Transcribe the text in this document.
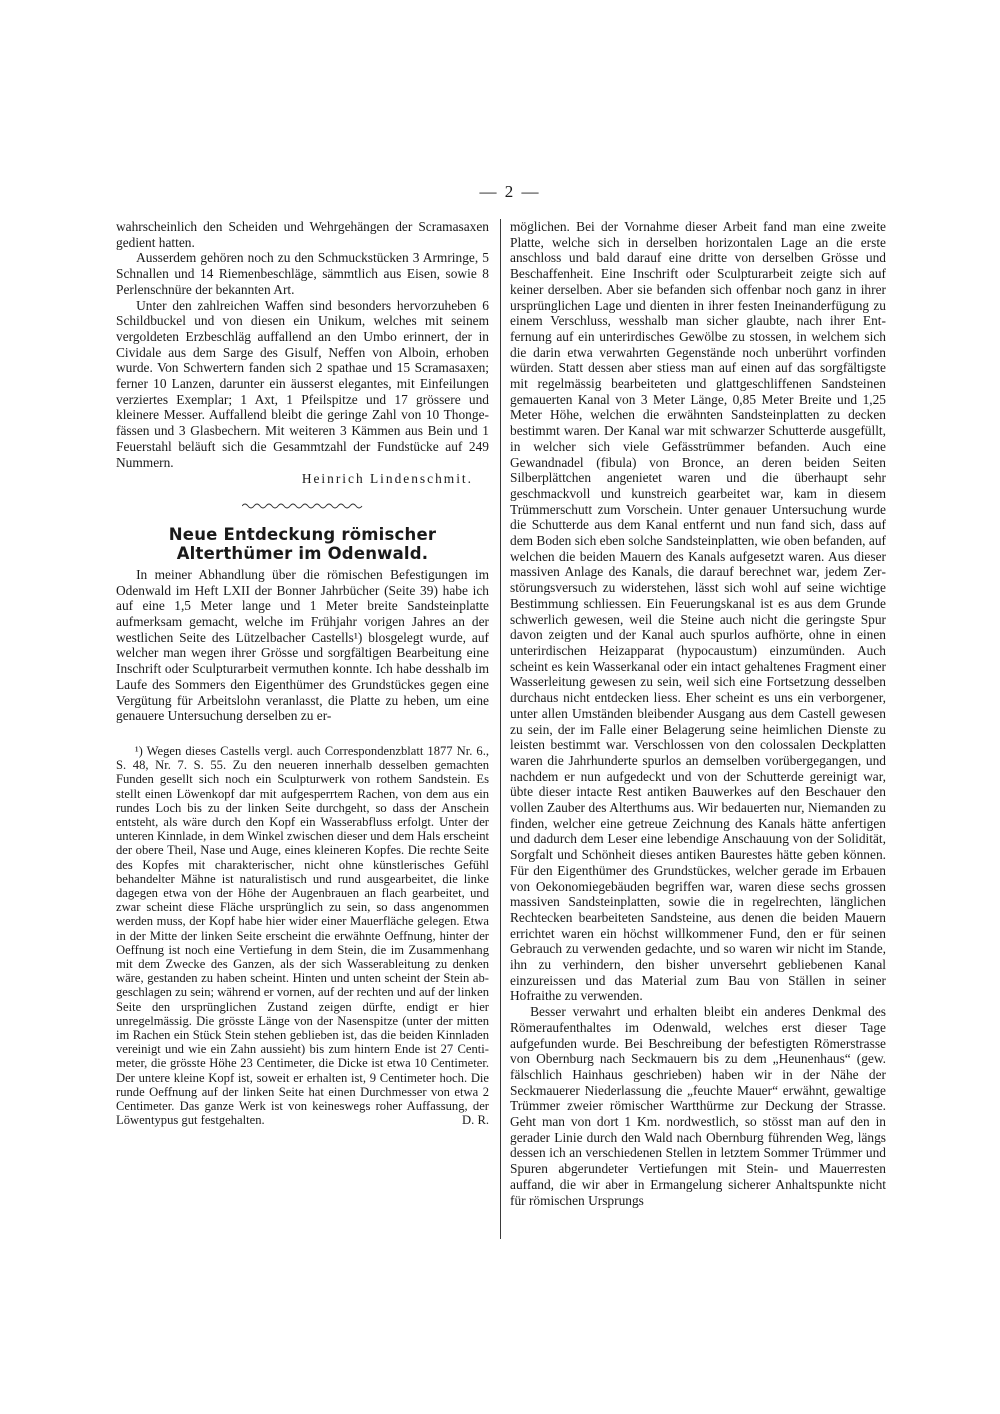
— 2 —

wahrscheinlich den Scheiden und Wehrgehängen der Scramasaxen gedient hatten.

Ausserdem gehören noch zu den Schmuckstücken 3 Armringe, 5 Schnallen und 14 Riemenbeschläge, sämmtlich aus Eisen, sowie 8 Perlenschnüre der bekannten Art.

Unter den zahlreichen Waffen sind besonders hervorzuheben 6 Schildbuckel und von diesen ein Unikum, welches mit seinem vergoldeten Erzbeschläg auffallend an den Umbo erinnert, der in Cividale aus dem Sarge des Gisulf, Neffen von Alboin, erhoben wurde. Von Schwertern fanden sich 2 spathae und 15 Scramasaxen; ferner 10 Lanzen, darunter ein äusserst elegantes, mit Einfeilungen verziertes Exemplar; 1 Axt, 1 Pfeilspitze und 17 grössere und kleinere Messer. Auffallend bleibt die geringe Zahl von 10 Thongefässen und 3 Glasbechern. Mit weiteren 3 Kämmen aus Bein und 1 Feuerstahl beläuft sich die Gesammtzahl der Fundstücke auf 249 Nummern.

Heinrich Lindenschmit.
Neue Entdeckung römischer Alterthümer im Odenwald.

In meiner Abhandlung über die römischen Befestigungen im Odenwald im Heft LXII der Bonner Jahrbücher (Seite 39) habe ich auf eine 1,5 Meter lange und 1 Meter breite Sandsteinplatte aufmerksam gemacht, welche im Frühjahr vorigen Jahres an der westlichen Seite des Lützelbacher Castells¹) blosgelegt wurde, auf welcher man wegen ihrer Grösse und sorgfältigen Bearbeitung eine Inschrift oder Sculpturarbeit vermuthen konnte. Ich habe desshalb im Laufe des Sommers den Eigenthümer des Grundstückes gegen eine Vergütung für Arbeitslohn veranlasst, die Platte zu heben, um eine genauere Untersuchung derselben zu er-

¹) Wegen dieses Castells vergl. auch Correspondenzblatt 1877 Nr. 6., S. 48, Nr. 7. S. 55. Zu den neueren innerhalb desselben gemachten Funden gesellt sich noch ein Sculpturwerk von rothem Sandstein. Es stellt einen Löwenkopf dar mit aufgesperrtem Rachen, von dem aus ein rundes Loch bis zu der linken Seite durchgeht, so dass der Anschein entsteht, als wäre durch den Kopf ein Wasserabfluss erfolgt. Unter der unteren Kinnlade, in dem Winkel zwischen dieser und dem Hals erscheint der obere Theil, Nase und Auge, eines kleineren Kopfes. Die rechte Seite des Kopfes mit charakterischer, nicht ohne künstlerisches Gefühl behandelter Mähne ist naturalistisch und rund ausgearbeitet, die linke dagegen etwa von der Höhe der Augenbrauen an flach gearbeitet, und zwar scheint diese Fläche ursprünglich zu sein, so dass angenommen werden muss, der Kopf habe hier wider einer Mauerfläche gelegen. Etwa in der Mitte der linken Seite erscheint die erwähnte Oeffnung, hinter der Oeffnung ist noch eine Vertiefung in dem Stein, die im Zusammenhang mit dem Zwecke des Ganzen, als der sich Wasserableitung zu denken wäre, gestanden zu haben scheint. Hinten und unten scheint der Stein abgeschlagen zu sein; während er vornen, auf der rechten und auf der linken Seite den ursprünglichen Zustand zeigen dürfte, endigt er hier unregelmässig. Die grösste Länge von der Nasenspitze (unter der mitten im Rachen ein Stück Stein stehen geblieben ist, das die beiden Kinnladen vereinigt und wie ein Zahn aussieht) bis zum hintern Ende ist 27 Centimeter, die grösste Höhe 23 Centimeter, die Dicke ist etwa 10 Centimeter. Der untere kleine Kopf ist, soweit er erhalten ist, 9 Centimeter hoch. Die runde Oeffnung auf der linken Seite hat einen Durchmesser von etwa 2 Centimeter. Das ganze Werk ist von keineswegs roher Auffassung, der Löwentypus gut festgehalten.	D. R.

möglichen. Bei der Vornahme dieser Arbeit fand man eine zweite Platte, welche sich in derselben horizontalen Lage an die erste anschloss und bald darauf eine dritte von derselben Grösse und Beschaffenheit. Eine Inschrift oder Sculpturarbeit zeigte sich auf keiner derselben. Aber sie befanden sich offenbar noch ganz in ihrer ursprünglichen Lage und dienten in ihrer festen Ineinanderfügung zu einem Verschluss, wesshalb man sicher glaubte, nach ihrer Entfernung auf ein unterirdisches Gewölbe zu stossen, in welchem sich die darin etwa verwahrten Gegenstände noch unberührt vorfinden würden. Statt dessen aber stiess man auf einen auf das sorgfältigste mit regelmässig bearbeiteten und glattgeschliffenen Sandsteinen gemauerten Kanal von 3 Meter Länge, 0,85 Meter Breite und 1,25 Meter Höhe, welchen die erwähnten Sandsteinplatten zu decken bestimmt waren. Der Kanal war mit schwarzer Schutterde ausgefüllt, in welcher sich viele Gefässtrümmer befanden. Auch eine Gewandnadel (fibula) von Bronce, an deren beiden Seiten Silberplättchen angenietet waren und die überhaupt sehr geschmackvoll und kunstreich gearbeitet war, kam in diesem Trümmerschutt zum Vorschein. Unter genauer Untersuchung wurde die Schutterde aus dem Kanal entfernt und nun fand sich, dass auf dem Boden sich eben solche Sandsteinplatten, wie oben befanden, auf welchen die beiden Mauern des Kanals aufgesetzt waren. Aus dieser massiven Anlage des Kanals, die darauf berechnet war, jedem Zerstörungsversuch zu widerstehen, lässt sich wohl auf seine wichtige Bestimmung schliessen. Ein Feuerungskanal ist es aus dem Grunde schwerlich gewesen, weil die Steine auch nicht die geringste Spur davon zeigten und der Kanal auch spurlos aufhörte, ohne in einen unterirdischen Heizapparat (hypocaustum) einzumünden. Auch scheint es kein Wasserkanal oder ein intact gehaltenes Fragment einer Wasserleitung gewesen zu sein, weil sich eine Fortsetzung desselben durchaus nicht entdecken liess. Eher scheint es uns ein verborgener, unter allen Umständen bleibender Ausgang aus dem Castell gewesen zu sein, der im Falle einer Belagerung seine heimlichen Dienste zu leisten bestimmt war. Verschlossen von den colossalen Deckplatten waren die Jahrhunderte spurlos an demselben vorübergegangen, und nachdem er nun aufgedeckt und von der Schutterde gereinigt war, übte dieser intacte Rest antiken Bauwerkes auf den Beschauer den vollen Zauber des Alterthums aus. Wir bedauerten nur, Niemanden zu finden, welcher eine getreue Zeichnung des Kanals hätte anfertigen und dadurch dem Leser eine lebendige Anschauung von der Solidität, Sorgfalt und Schönheit dieses antiken Baurestes hätte geben können. Für den Eigenthümer des Grundstückes, welcher gerade im Erbauen von Oekonomiegebäuden begriffen war, waren diese sechs grossen massiven Sandsteinplatten, sowie die in regelrechten, länglichen Rechtecken bearbeiteten Sandsteine, aus denen die beiden Mauern errichtet waren ein höchst willkommener Fund, den er für seinen Gebrauch zu verwenden gedachte, und so waren wir nicht im Stande, ihn zu verhindern, den bisher unversehrt gebliebenen Kanal einzureissen und das Material zum Bau von Ställen in seiner Hofraithe zu verwenden.

Besser verwahrt und erhalten bleibt ein anderes Denkmal des Römeraufenthaltes im Odenwald, welches erst dieser Tage aufgefunden wurde. Bei Beschreibung der befestigten Römerstrasse von Obernburg nach Seckmauern bis zu dem „Heunenhaus“ (gew. fälschlich Hainhaus geschrieben) haben wir in der Nähe der Seckmauerer Niederlassung die „feuchte Mauer“ erwähnt, gewaltige Trümmer zweier römischer Wartthürme zur Deckung der Strasse. Geht man von dort 1 Km. nordwestlich, so stösst man auf den in gerader Linie durch den Wald nach Obernburg führenden Weg, längs dessen ich an verschiedenen Stellen in letztem Sommer Trümmer und Spuren abgerundeter Vertiefungen mit Stein- und Mauerresten auffand, die wir aber in Ermangelung sicherer Anhaltspunkte nicht für römischen Ursprungs
